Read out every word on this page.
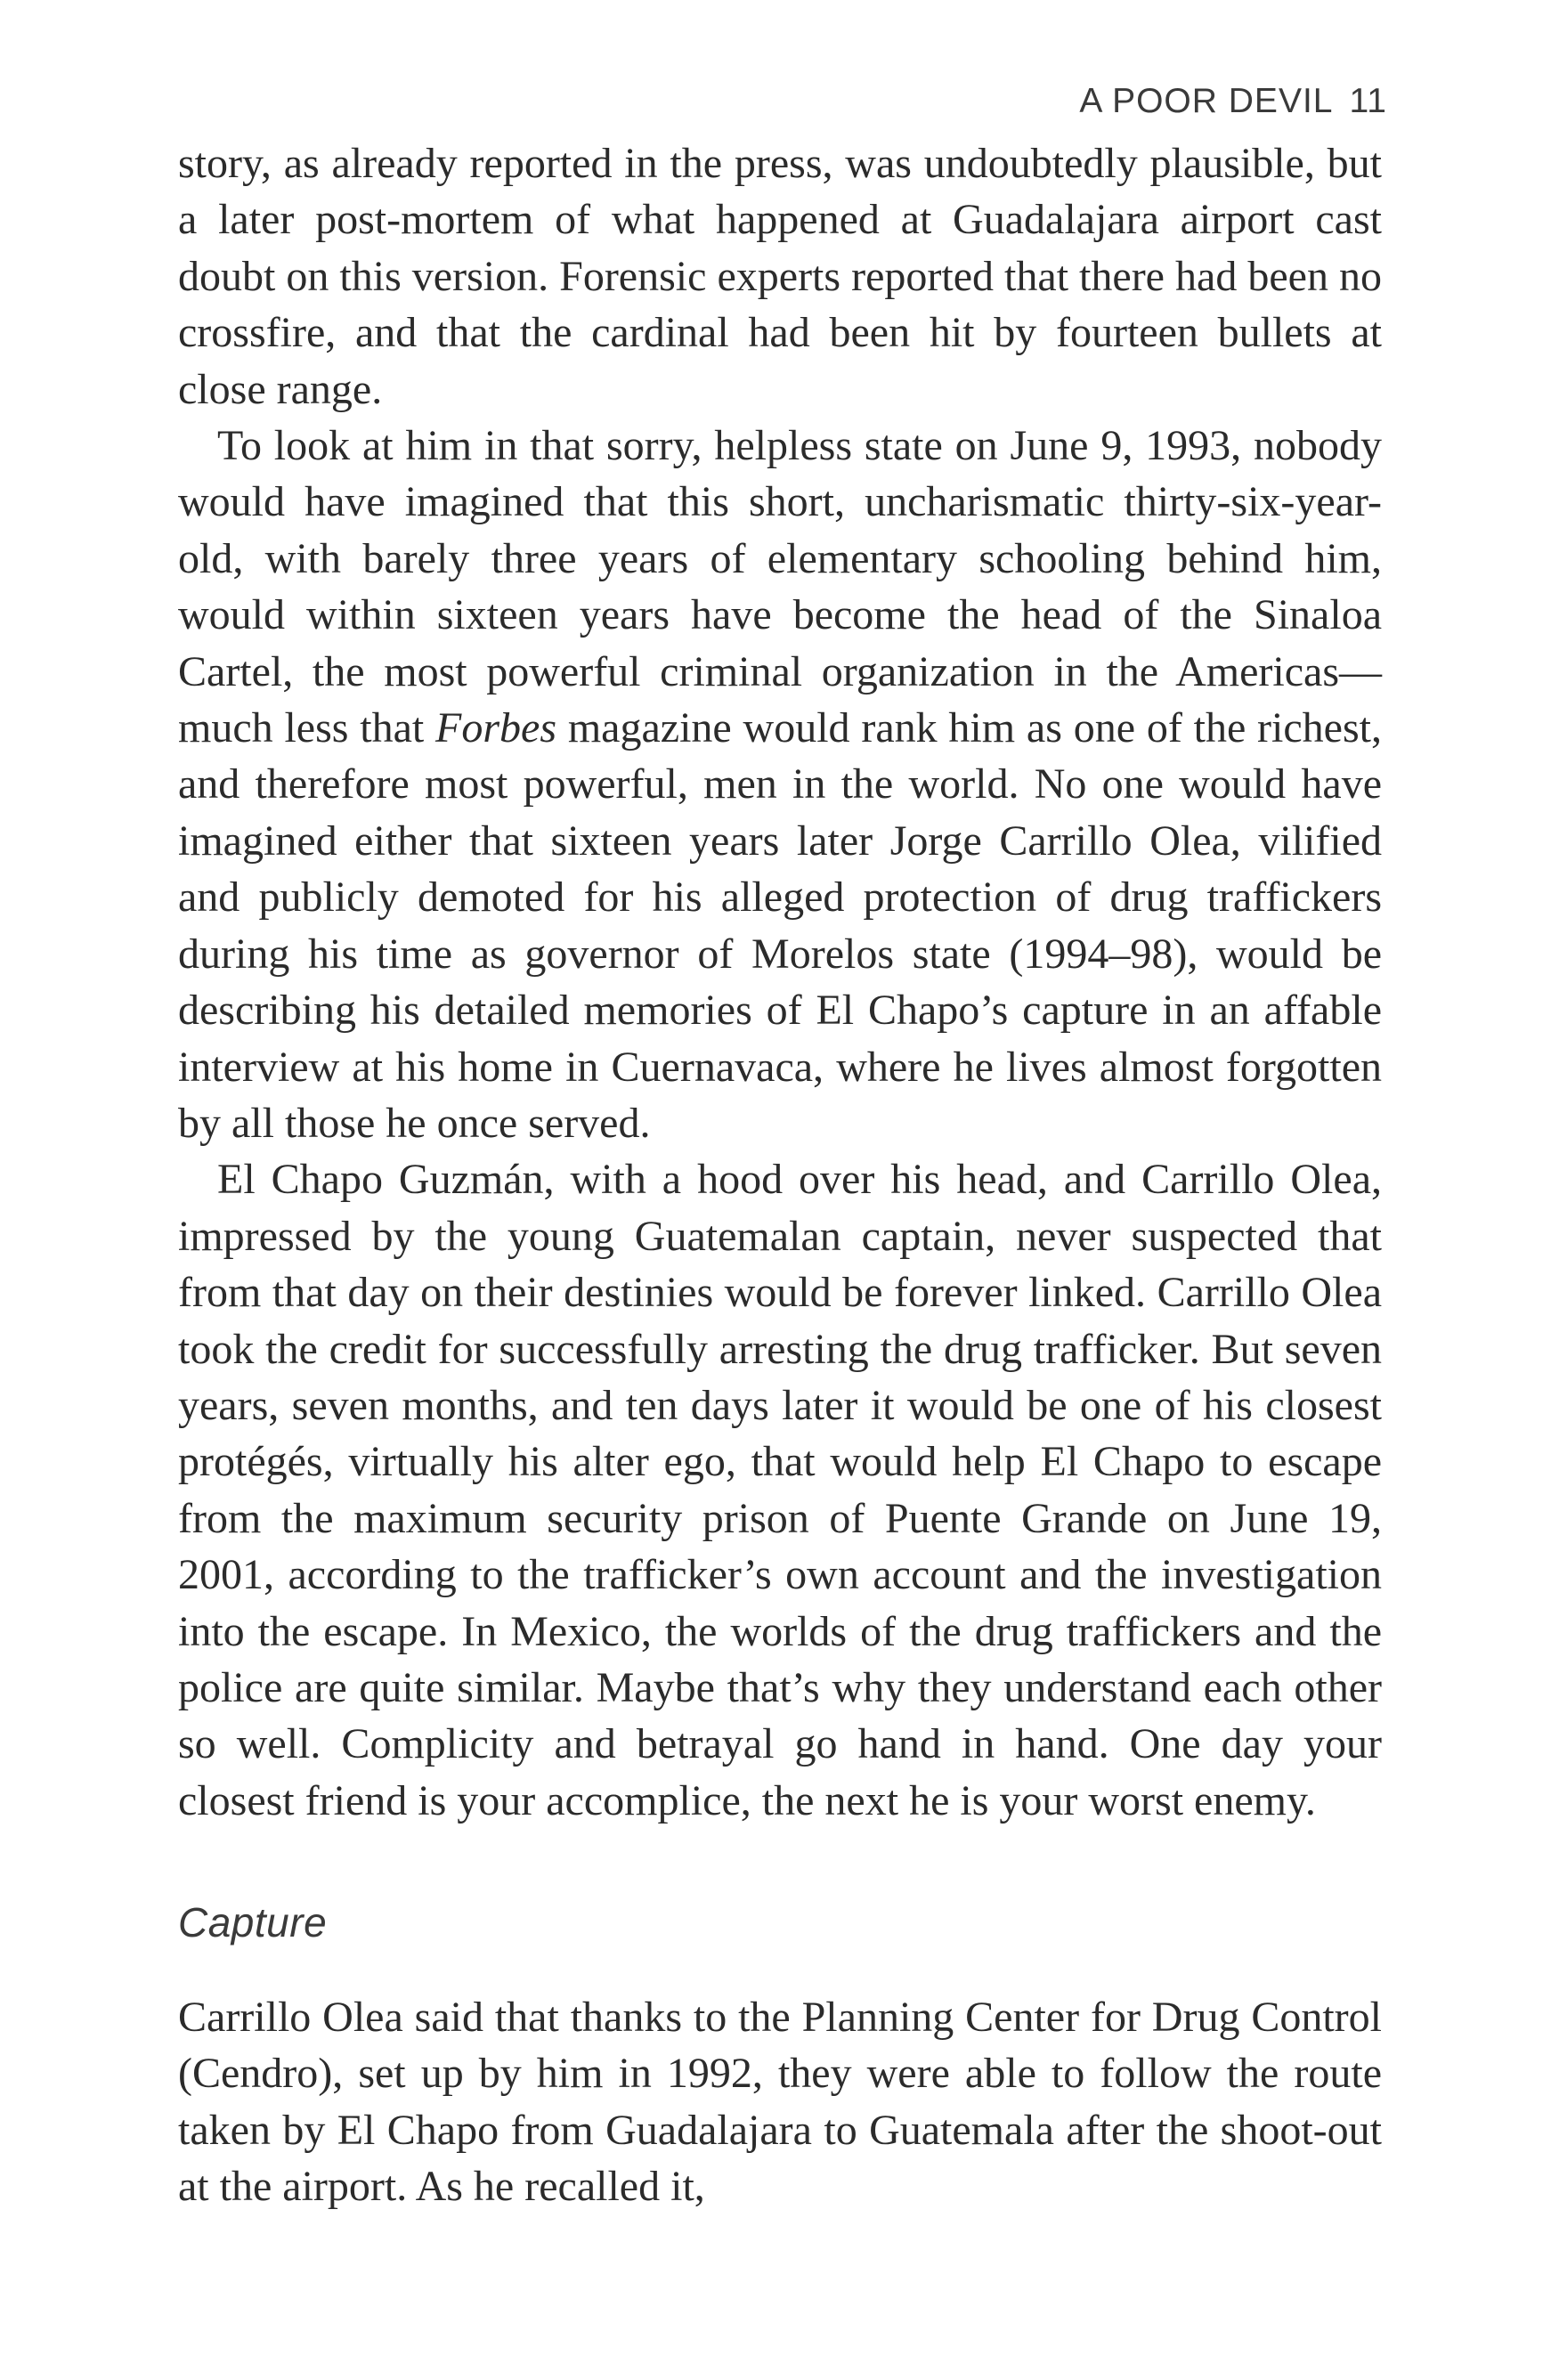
A POOR DEVIL 11

story, as already reported in the press, was undoubtedly plausible, but a later post-mortem of what happened at Guadalajara airport cast doubt on this version. Forensic experts reported that there had been no crossfire, and that the cardinal had been hit by fourteen bullets at close range.

To look at him in that sorry, helpless state on June 9, 1993, nobody would have imagined that this short, uncharismatic thirty-six-year-old, with barely three years of elementary schooling behind him, would within sixteen years have become the head of the Sinaloa Cartel, the most powerful criminal organization in the Americas—much less that Forbes magazine would rank him as one of the richest, and therefore most powerful, men in the world. No one would have imagined either that sixteen years later Jorge Carrillo Olea, vilified and publicly demoted for his alleged protection of drug traffickers during his time as governor of Morelos state (1994–98), would be describing his detailed memories of El Chapo’s capture in an affable interview at his home in Cuernavaca, where he lives almost forgotten by all those he once served.

El Chapo Guzmán, with a hood over his head, and Carrillo Olea, impressed by the young Guatemalan captain, never suspected that from that day on their destinies would be forever linked. Carrillo Olea took the credit for successfully arresting the drug trafficker. But seven years, seven months, and ten days later it would be one of his closest protégés, virtually his alter ego, that would help El Chapo to escape from the maximum security prison of Puente Grande on June 19, 2001, according to the trafficker’s own account and the investigation into the escape. In Mexico, the worlds of the drug traffickers and the police are quite similar. Maybe that’s why they understand each other so well. Complicity and betrayal go hand in hand. One day your closest friend is your accomplice, the next he is your worst enemy.

Capture

Carrillo Olea said that thanks to the Planning Center for Drug Control (Cendro), set up by him in 1992, they were able to follow the route taken by El Chapo from Guadalajara to Guatemala after the shoot-out at the airport. As he recalled it,
